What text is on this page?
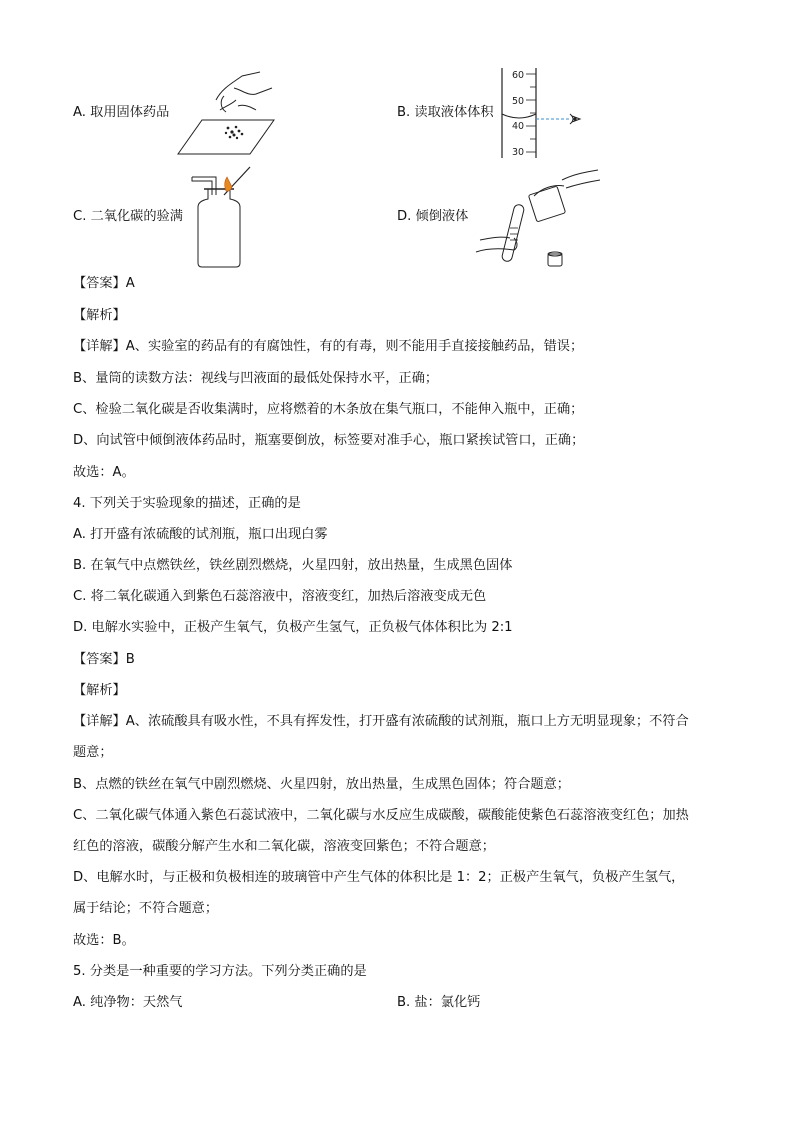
A. 取用固体药品	B. 读取液体体积
60
50
40
30
C. 二氧化碳的验满	D. 倾倒液体
【答案】A
【解析】
【详解】A、实验室的药品有的有腐蚀性，有的有毒，则不能用手直接接触药品，错误；
B、量筒的读数方法：视线与凹液面的最低处保持水平，正确；
C、检验二氧化碳是否收集满时，应将燃着的木条放在集气瓶口，不能伸入瓶中，正确；
D、向试管中倾倒液体药品时，瓶塞要倒放，标签要对准手心，瓶口紧挨试管口，正确；
故选：A。
4. 下列关于实验现象的描述，正确的是
A. 打开盛有浓硫酸的试剂瓶，瓶口出现白雾
B. 在氧气中点燃铁丝，铁丝剧烈燃烧，火星四射，放出热量，生成黑色固体
C. 将二氧化碳通入到紫色石蕊溶液中，溶液变红，加热后溶液变成无色
D. 电解水实验中，正极产生氧气，负极产生氢气，正负极气体体积比为 2:1
【答案】B
【解析】
【详解】A、浓硫酸具有吸水性，不具有挥发性，打开盛有浓硫酸的试剂瓶，瓶口上方无明显现象；不符合
题意；
B、点燃的铁丝在氧气中剧烈燃烧、火星四射，放出热量，生成黑色固体；符合题意；
C、二氧化碳气体通入紫色石蕊试液中，二氧化碳与水反应生成碳酸，碳酸能使紫色石蕊溶液变红色；加热
红色的溶液，碳酸分解产生水和二氧化碳，溶液变回紫色；不符合题意；
D、电解水时，与正极和负极相连的玻璃管中产生气体的体积比是 1：2；正极产生氧气，负极产生氢气，
属于结论；不符合题意；
故选：B。
5. 分类是一种重要的学习方法。下列分类正确的是
A. 纯净物：天然气	B. 盐：氯化钙
